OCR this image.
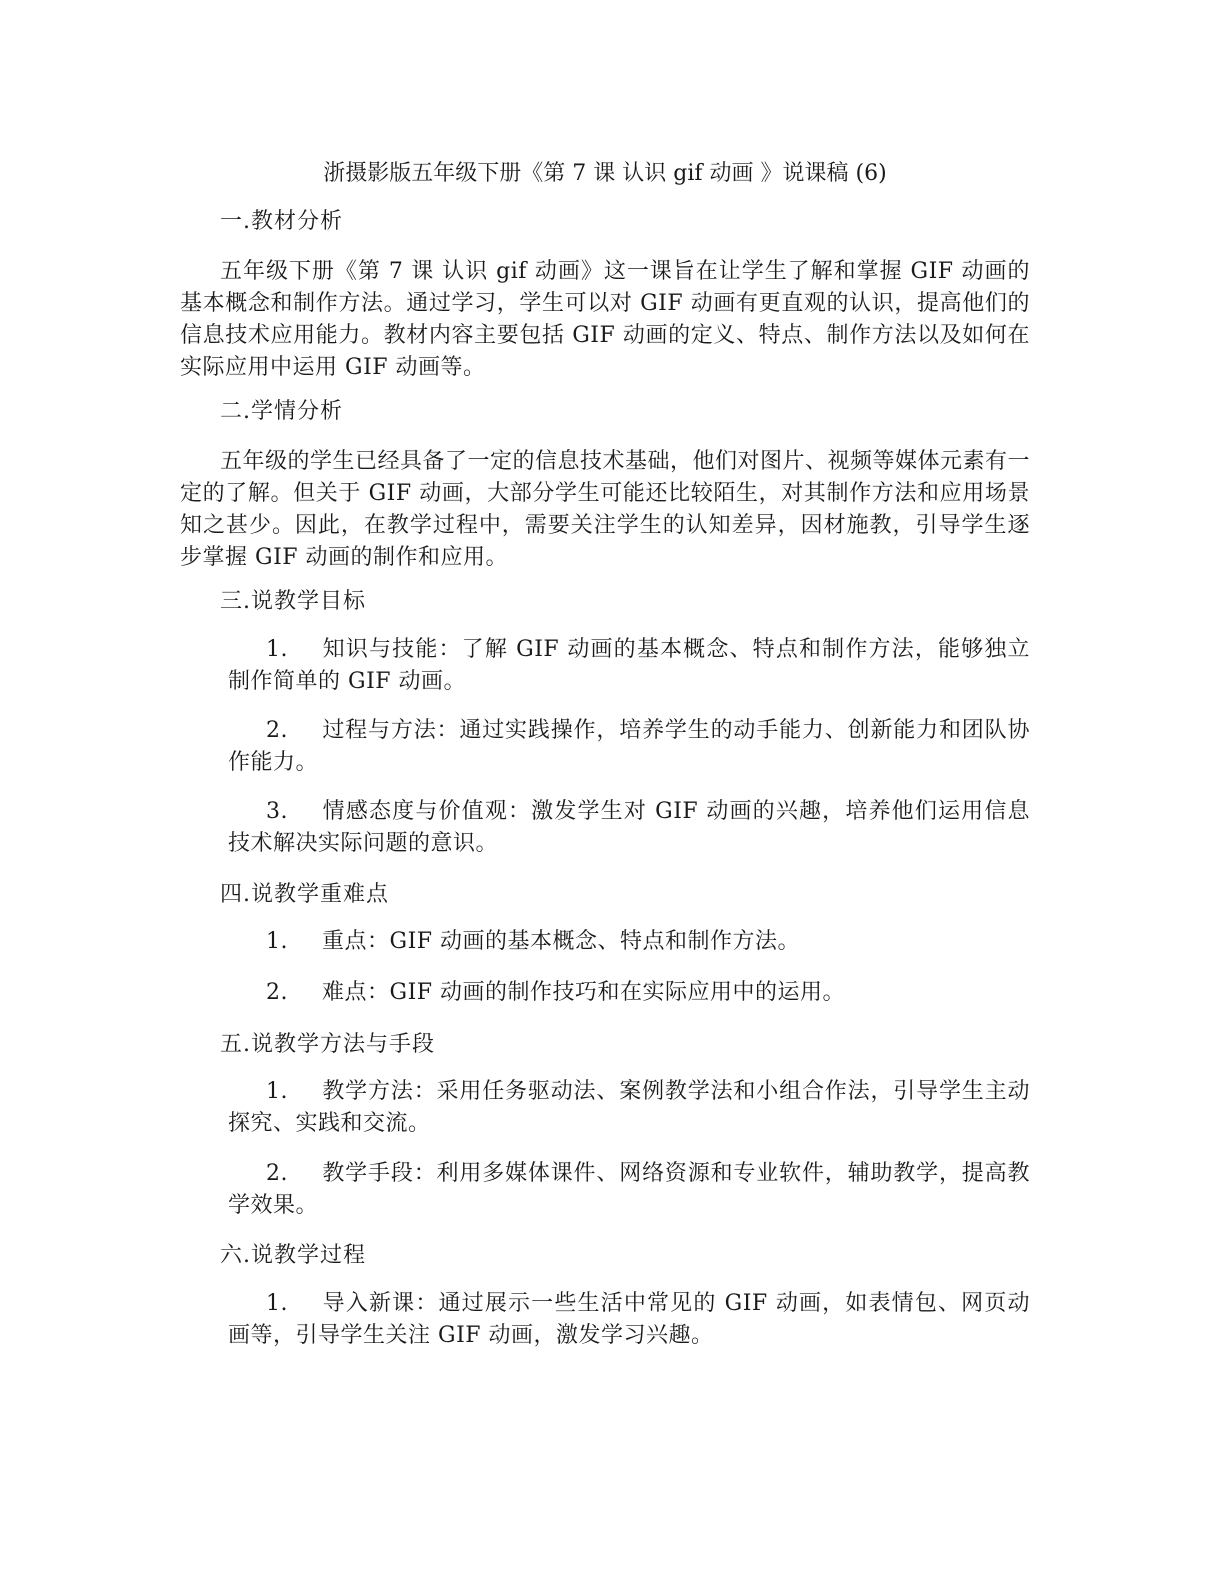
浙摄影版五年级下册《第 7 课 认识 gif 动画 》说课稿 (6)
一.教材分析

五年级下册《第 7 课 认识 gif 动画》这一课旨在让学生了解和掌握 GIF 动画的基本概念和制作方法。通过学习，学生可以对 GIF 动画有更直观的认识，提高他们的信息技术应用能力。教材内容主要包括 GIF 动画的定义、特点、制作方法以及如何在实际应用中运用 GIF 动画等。

二.学情分析

五年级的学生已经具备了一定的信息技术基础，他们对图片、视频等媒体元素有一定的了解。但关于 GIF 动画，大部分学生可能还比较陌生，对其制作方法和应用场景知之甚少。因此，在教学过程中，需要关注学生的认知差异，因材施教，引导学生逐步掌握 GIF 动画的制作和应用。

三.说教学目标

1. 知识与技能：了解 GIF 动画的基本概念、特点和制作方法，能够独立制作简单的 GIF 动画。

2. 过程与方法：通过实践操作，培养学生的动手能力、创新能力和团队协作能力。

3. 情感态度与价值观：激发学生对 GIF 动画的兴趣，培养他们运用信息技术解决实际问题的意识。

四.说教学重难点

1. 重点：GIF 动画的基本概念、特点和制作方法。

2. 难点：GIF 动画的制作技巧和在实际应用中的运用。

五.说教学方法与手段

1. 教学方法：采用任务驱动法、案例教学法和小组合作法，引导学生主动探究、实践和交流。

2. 教学手段：利用多媒体课件、网络资源和专业软件，辅助教学，提高教学效果。

六.说教学过程

1. 导入新课：通过展示一些生活中常见的 GIF 动画，如表情包、网页动画等，引导学生关注 GIF 动画，激发学习兴趣。
